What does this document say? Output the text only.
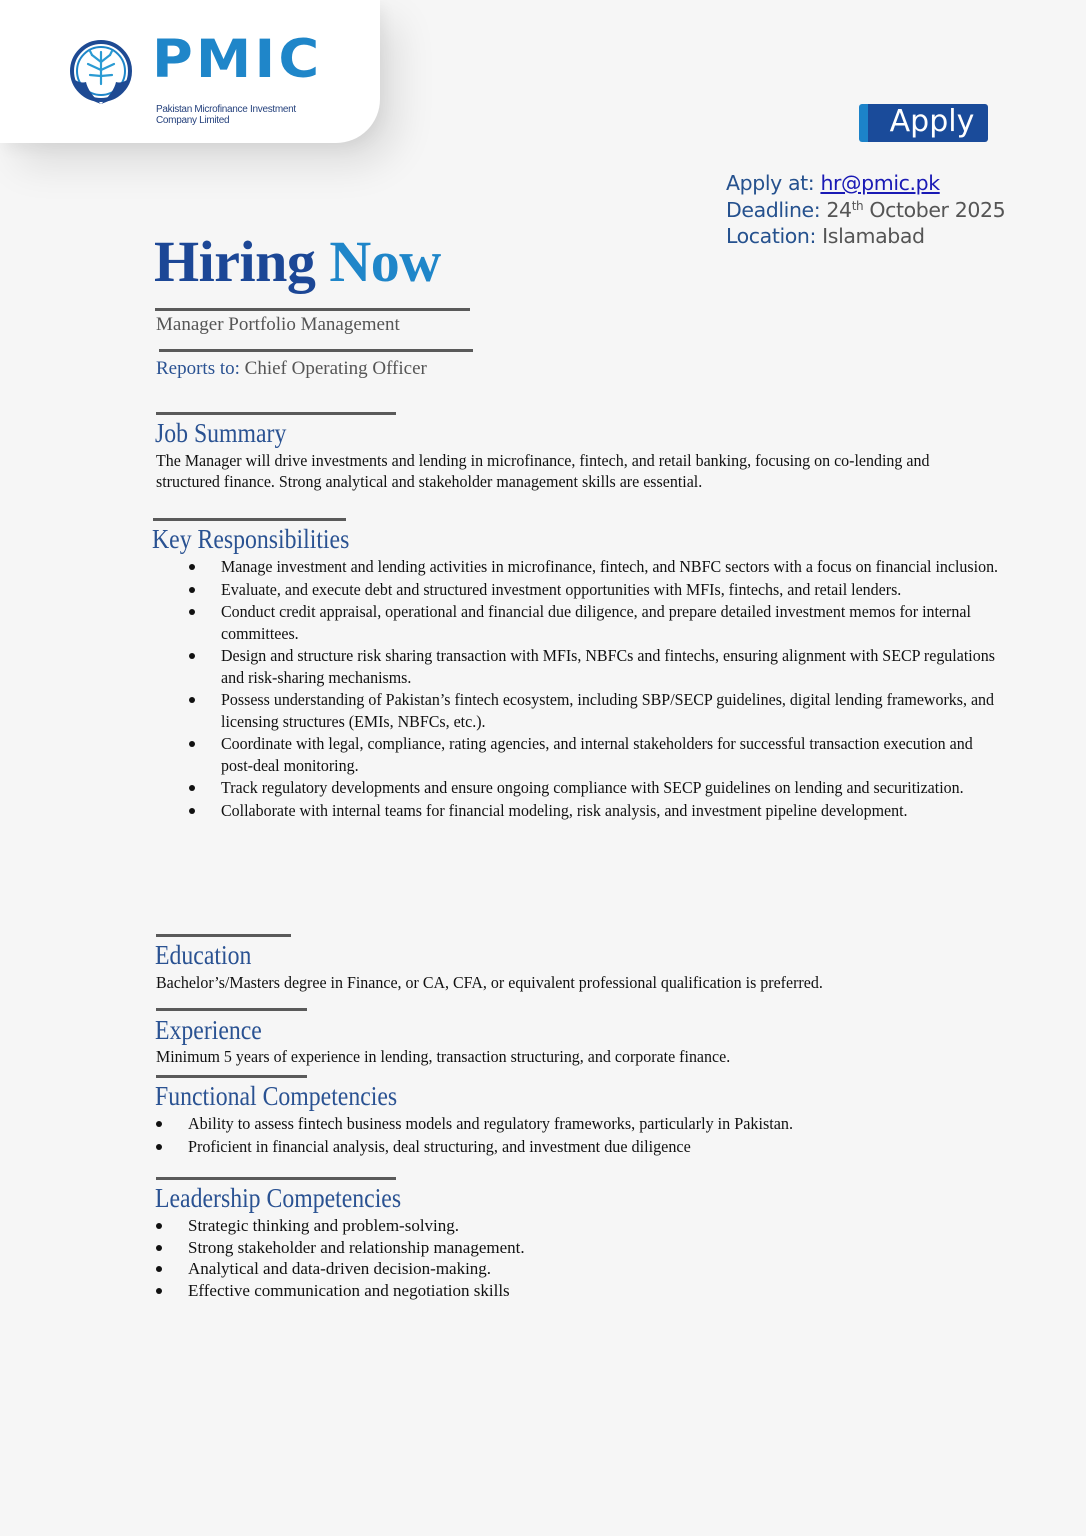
PMIC
Pakistan Microfinance Investment Company Limited	Apply
Apply at: hr@pmic.pk
Deadline: 24th October 2025
Location: Islamabad
Hiring Now
Manager Portfolio Management
Reports to: Chief Operating Officer
Job Summary
The Manager will drive investments and lending in microfinance, fintech, and retail banking, focusing on co-lending and structured finance. Strong analytical and stakeholder management skills are essential.
Key Responsibilities
Manage investment and lending activities in microfinance, fintech, and NBFC sectors with a focus on financial inclusion.
Evaluate, and execute debt and structured investment opportunities with MFIs, fintechs, and retail lenders.
Conduct credit appraisal, operational and financial due diligence, and prepare detailed investment memos for internal committees.
Design and structure risk sharing transaction with MFIs, NBFCs and fintechs, ensuring alignment with SECP regulations and risk-sharing mechanisms.
Possess understanding of Pakistan’s fintech ecosystem, including SBP/SECP guidelines, digital lending frameworks, and licensing structures (EMIs, NBFCs, etc.).
Coordinate with legal, compliance, rating agencies, and internal stakeholders for successful transaction execution and post-deal monitoring.
Track regulatory developments and ensure ongoing compliance with SECP guidelines on lending and securitization.
Collaborate with internal teams for financial modeling, risk analysis, and investment pipeline development.
Education
Bachelor’s/Masters degree in Finance, or CA, CFA, or equivalent professional qualification is preferred.
Experience
Minimum 5 years of experience in lending, transaction structuring, and corporate finance.
Functional Competencies
Ability to assess fintech business models and regulatory frameworks, particularly in Pakistan.
Proficient in financial analysis, deal structuring, and investment due diligence
Leadership Competencies
Strategic thinking and problem-solving.
Strong stakeholder and relationship management.
Analytical and data-driven decision-making.
Effective communication and negotiation skills
